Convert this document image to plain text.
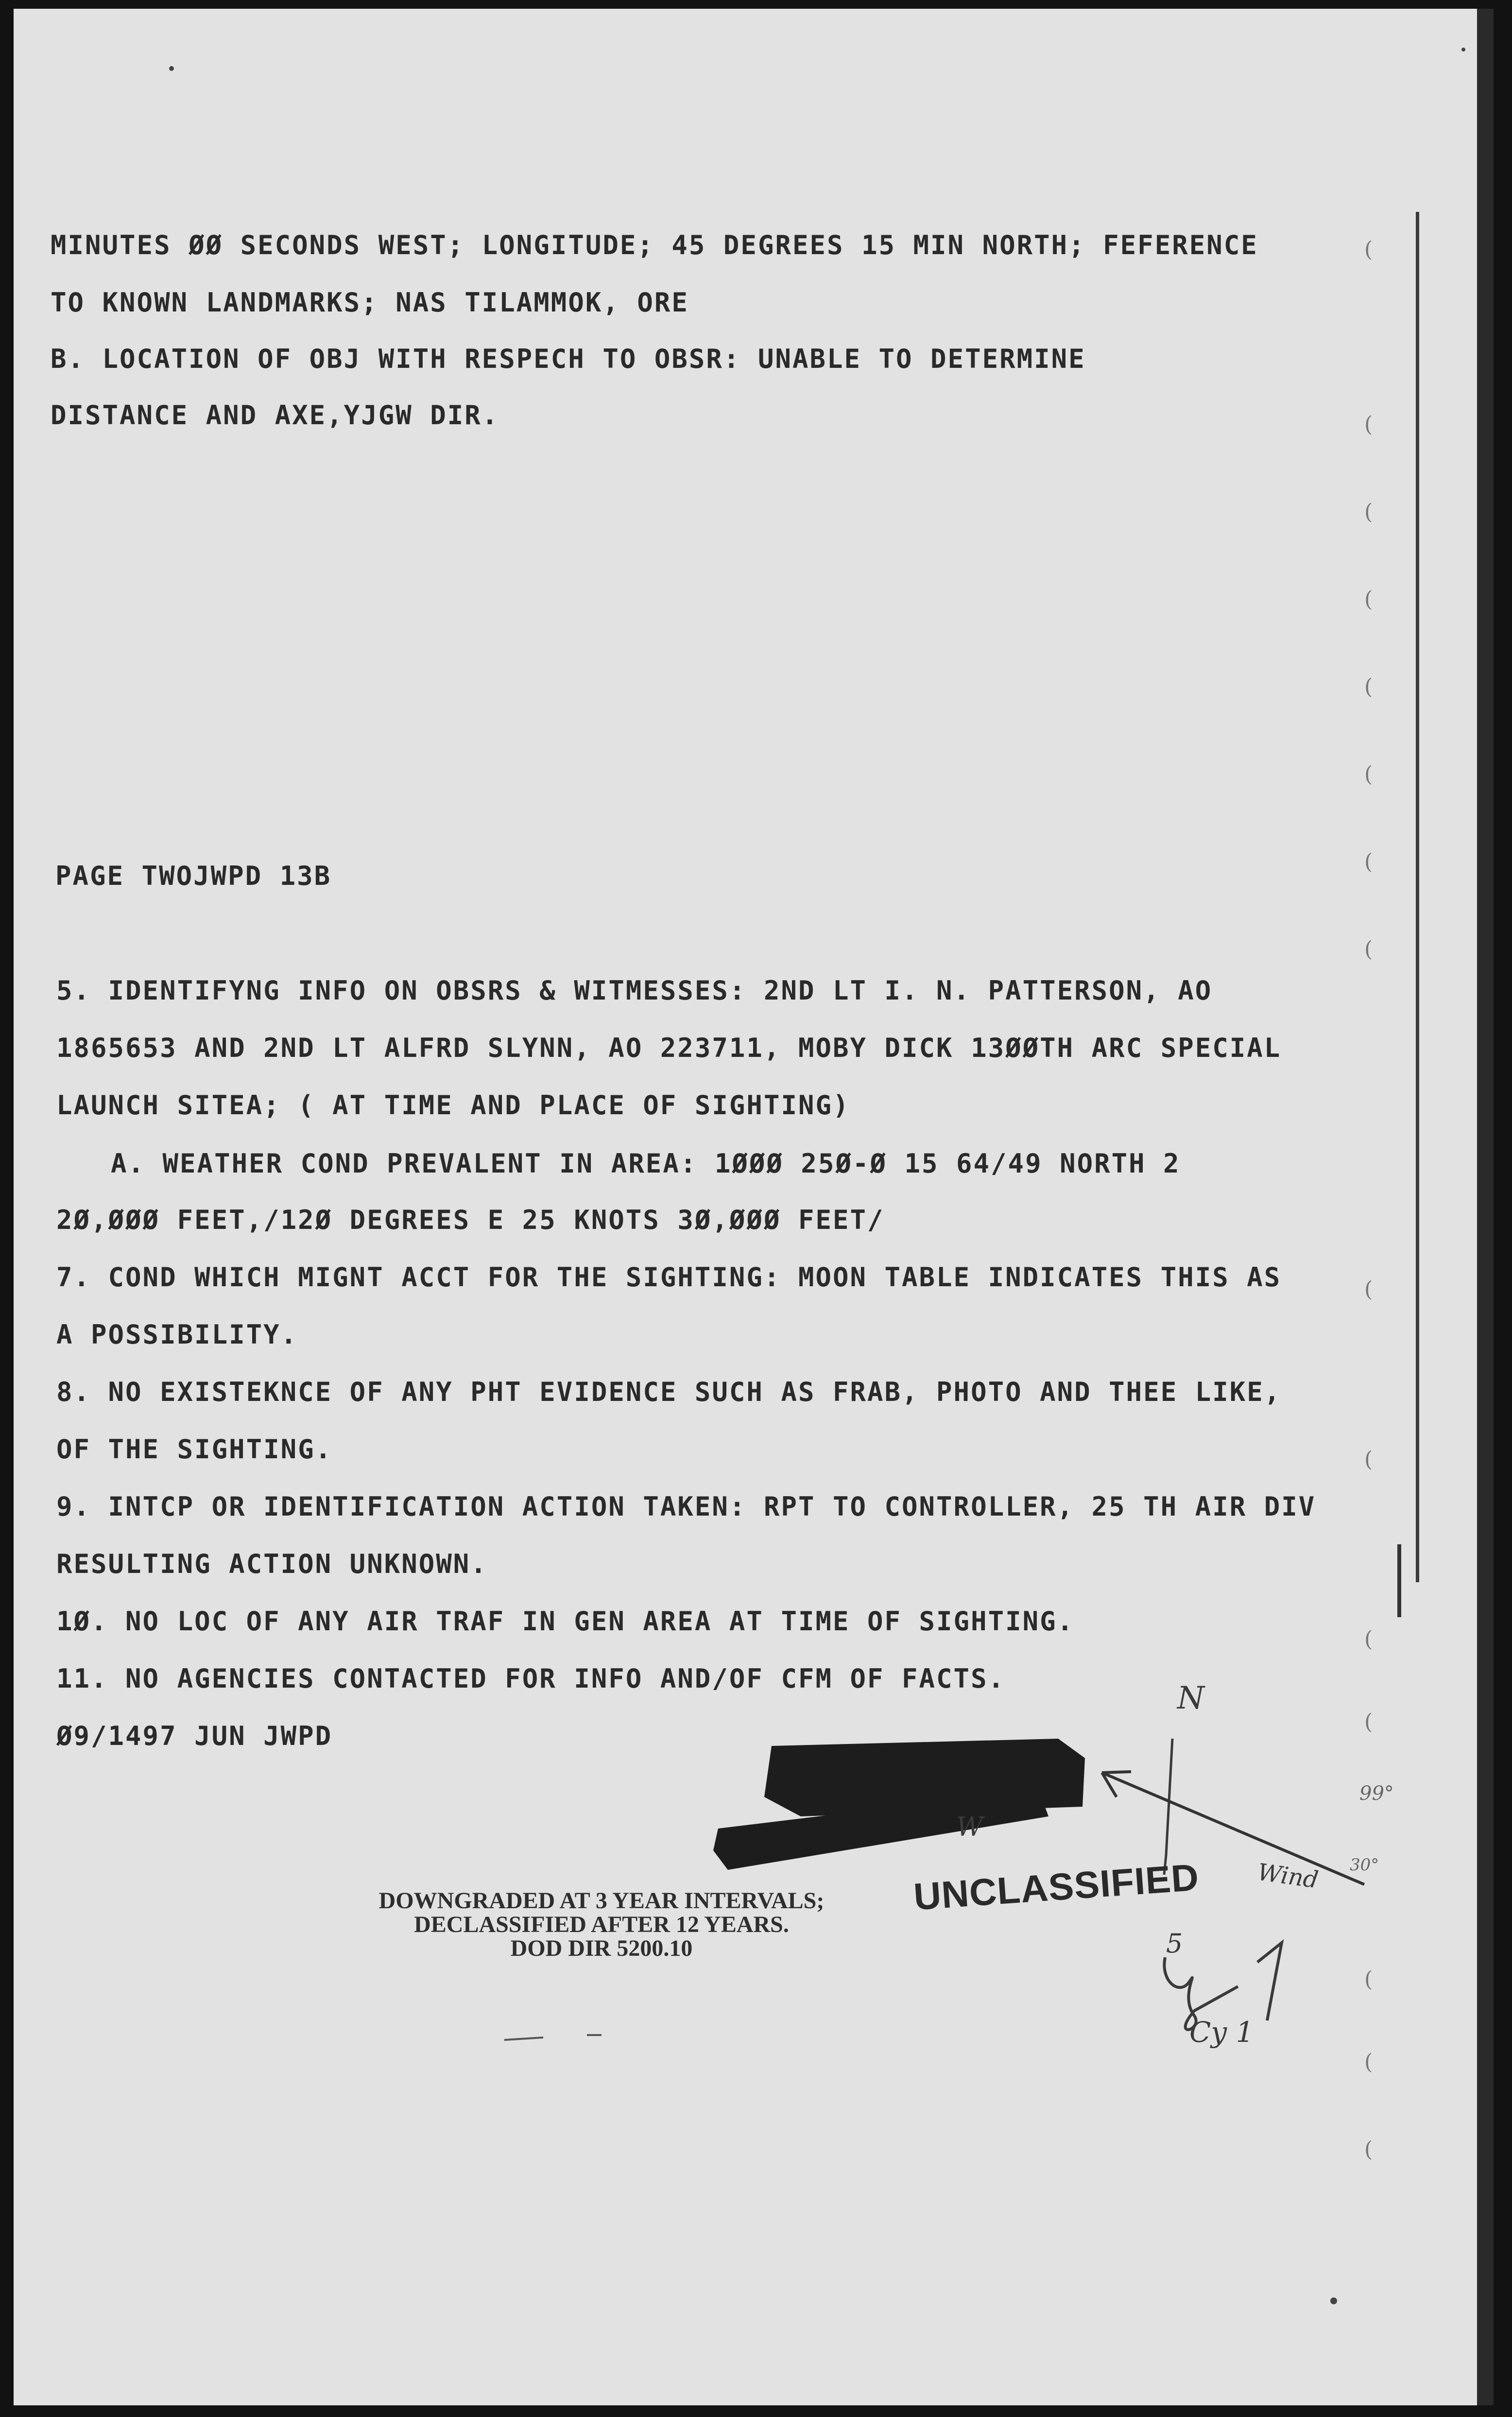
MINUTES ØØ SECONDS WEST; LONGITUDE; 45 DEGREES 15 MIN NORTH; FEFERENCE
TO KNOWN LANDMARKS; NAS TILAMMOK, ORE
B. LOCATION OF OBJ WITH RESPECH TO OBSR: UNABLE TO DETERMINE
DISTANCE AND AXE,YJGW DIR.
PAGE TWOJWPD 13B
5. IDENTIFYNG INFO ON OBSRS & WITMESSES: 2ND LT I. N. PATTERSON, AO
1865653 AND 2ND LT ALFRD SLYNN, AO 223711, MOBY DICK 13ØØTH ARC SPECIAL
LAUNCH SITEA; ( AT TIME AND PLACE OF SIGHTING)
A. WEATHER COND PREVALENT IN AREA: 1ØØØ 25Ø-Ø 15 64/49 NORTH 2
2Ø,ØØØ FEET,/12Ø DEGREES E 25 KNOTS 3Ø,ØØØ FEET/
7. COND WHICH MIGNT ACCT FOR THE SIGHTING: MOON TABLE INDICATES THIS AS
A POSSIBILITY.
8. NO EXISTEKNCE OF ANY PHT EVIDENCE SUCH AS FRAB, PHOTO AND THEE LIKE,
OF THE SIGHTING.
9. INTCP OR IDENTIFICATION ACTION TAKEN: RPT TO CONTROLLER, 25 TH AIR DIV
RESULTING ACTION UNKNOWN.
1Ø. NO LOC OF ANY AIR TRAF IN GEN AREA AT TIME OF SIGHTING.
11. NO AGENCIES CONTACTED FOR INFO AND/OF CFM OF FACTS.
Ø9/1497 JUN JWPD
(
(
(
(
(
(
(
(
(
(
(
(
(
(
(
N
W
Wind
99°
30°
5
Cy 1
DOWNGRADED AT 3 YEAR INTERVALS;
DECLASSIFIED AFTER 12 YEARS.
DOD DIR 5200.10
UNCLASSIFIED
